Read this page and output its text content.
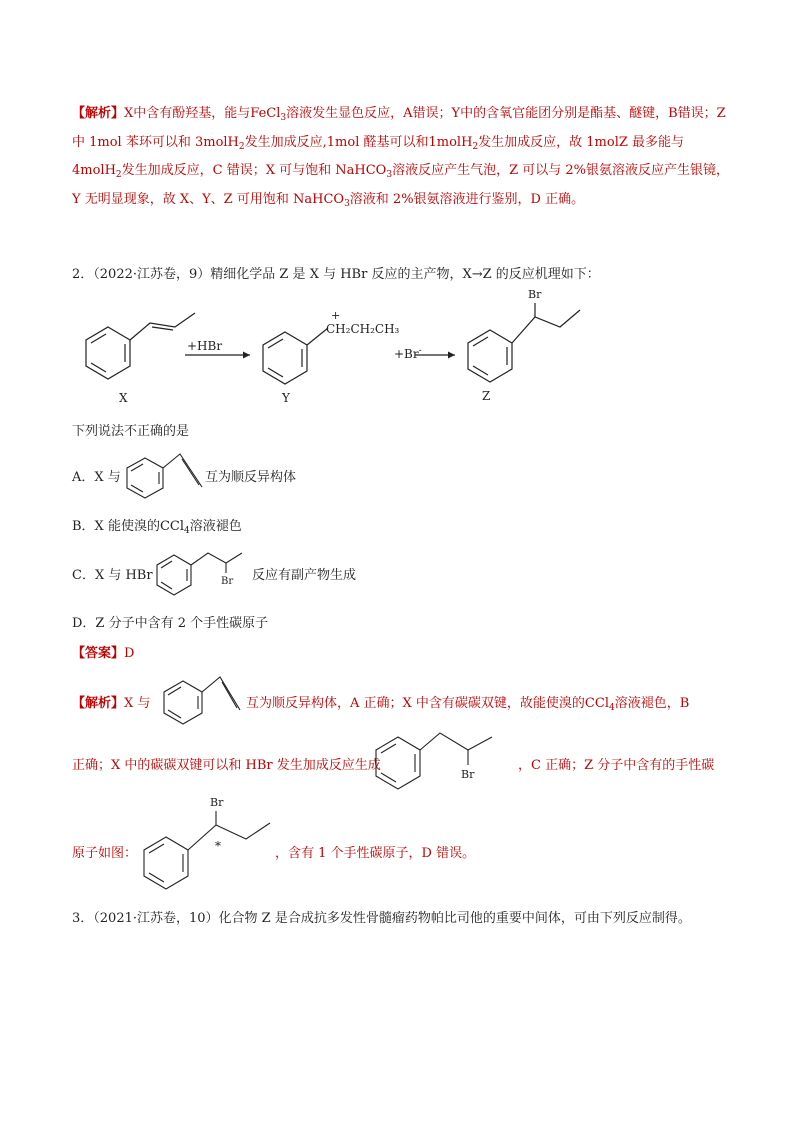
【解析】X中含有酚羟基，能与FeCl$_3$溶液发生显色反应，A错误；Y中的含氧官能团分别是酯基、醚键，B错误；Z中 1mol 苯环可以和 3molH$_2$发生加成反应,1mol 醛基可以和1molH$_2$发生加成反应，故 1molZ 最多能与4molH$_2$发生加成反应，C 错误；X 可与饱和 NaHCO$_3$溶液反应产生气泡，Z 可以与 2%银氨溶液反应产生银镜，Y 无明显现象，故 X、Y、Z 可用饱和 NaHCO$_3$溶液和 2%银氨溶液进行鉴别，D 正确。
2．（2022·江苏卷，9）精细化学品 Z 是 X 与 HBr 反应的主产物，X→Z 的反应机理如下：
+HBr
+
CH₂CH₂CH₃
+Br-
Br
X	Y	Z
下列说法不正确的是
A．X 与	互为顺反异构体
B．X 能使溴的CCl$_4$溶液褪色
C．X 与 HBr	Br 反应有副产物生成
D．Z 分子中含有 2 个手性碳原子
【答案】D
【解析】X 与	互为顺反异构体，A 正确；X 中含有碳碳双键，故能使溴的CCl$_4$溶液褪色，B
正确；X 中的碳碳双键可以和 HBr 发生加成反应生成
Br
，C 正确；Z 分子中含有的手性碳
原子如图：
Br
*	，含有 1 个手性碳原子，D 错误。
3．（2021·江苏卷，10）化合物 Z 是合成抗多发性骨髓瘤药物帕比司他的重要中间体，可由下列反应制得。
